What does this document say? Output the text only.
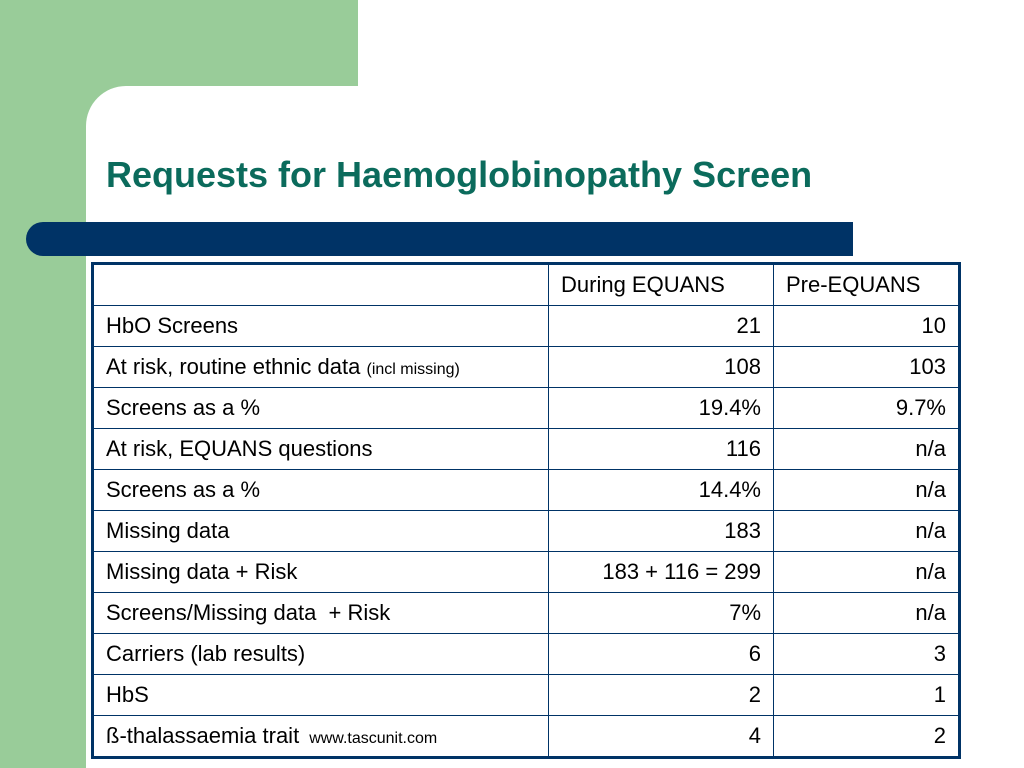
Requests for Haemoglobinopathy Screen
	During EQUANS	Pre-EQUANS
HbO Screens	21	10
At risk, routine ethnic data (incl missing)	108	103
Screens as a %	19.4%	9.7%
At risk, EQUANS questions	116	n/a
Screens as a %	14.4%	n/a
Missing data	183	n/a
Missing data + Risk	183 + 116 = 299	n/a
Screens/Missing data  + Risk	7%	n/a
Carriers (lab results)	6	3
HbS	2	1
ß-thalassaemia trait www.tascunit.com	4	2
